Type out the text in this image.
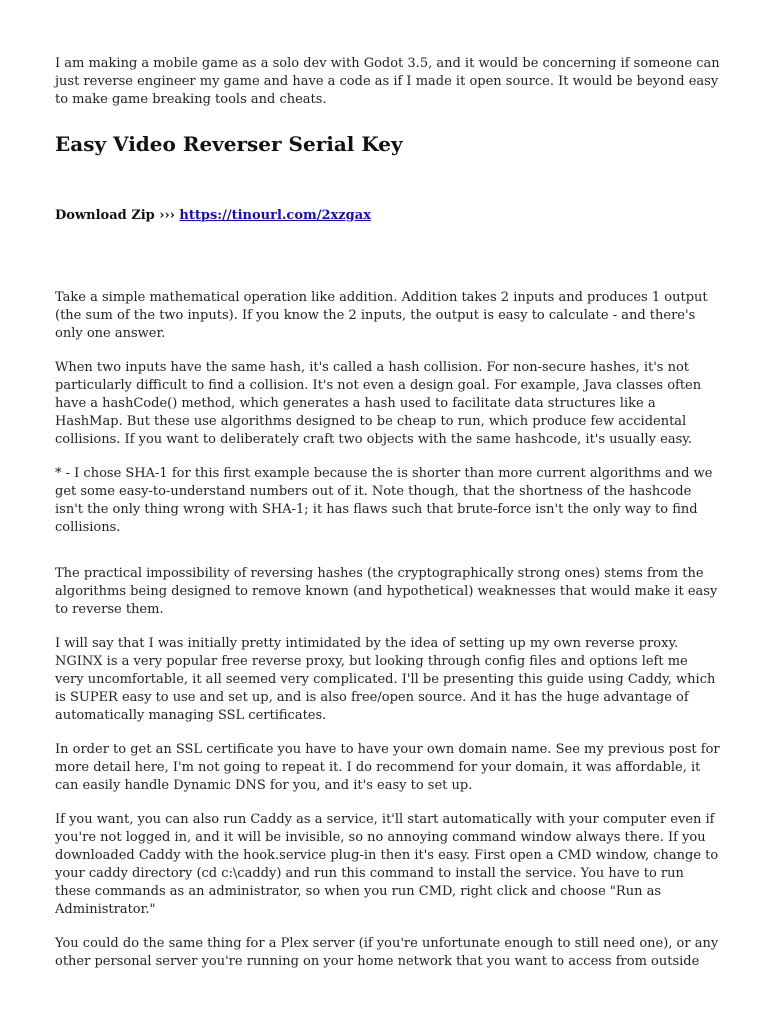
I am making a mobile game as a solo dev with Godot 3.5, and it would be concerning if someone can just reverse engineer my game and have a code as if I made it open source. It would be beyond easy to make game breaking tools and cheats.

Easy Video Reverser Serial Key
Download Zip ››› https://tinourl.com/2xzgax

Take a simple mathematical operation like addition. Addition takes 2 inputs and produces 1 output (the sum of the two inputs). If you know the 2 inputs, the output is easy to calculate - and there's only one answer.

When two inputs have the same hash, it's called a hash collision. For non-secure hashes, it's not particularly difficult to find a collision. It's not even a design goal. For example, Java classes often have a hashCode() method, which generates a hash used to facilitate data structures like a HashMap. But these use algorithms designed to be cheap to run, which produce few accidental collisions. If you want to deliberately craft two objects with the same hashcode, it's usually easy.

* - I chose SHA-1 for this first example because the is shorter than more current algorithms and we get some easy-to-understand numbers out of it. Note though, that the shortness of the hashcode isn't the only thing wrong with SHA-1; it has flaws such that brute-force isn't the only way to find collisions.

The practical impossibility of reversing hashes (the cryptographically strong ones) stems from the algorithms being designed to remove known (and hypothetical) weaknesses that would make it easy to reverse them.

I will say that I was initially pretty intimidated by the idea of setting up my own reverse proxy. NGINX is a very popular free reverse proxy, but looking through config files and options left me very uncomfortable, it all seemed very complicated. I'll be presenting this guide using Caddy, which is SUPER easy to use and set up, and is also free/open source. And it has the huge advantage of automatically managing SSL certificates.

In order to get an SSL certificate you have to have your own domain name. See my previous post for more detail here, I'm not going to repeat it. I do recommend for your domain, it was affordable, it can easily handle Dynamic DNS for you, and it's easy to set up.

If you want, you can also run Caddy as a service, it'll start automatically with your computer even if you're not logged in, and it will be invisible, so no annoying command window always there. If you downloaded Caddy with the hook.service plug-in then it's easy. First open a CMD window, change to your caddy directory (cd c:\caddy) and run this command to install the service. You have to run these commands as an administrator, so when you run CMD, right click and choose "Run as Administrator."

You could do the same thing for a Plex server (if you're unfortunate enough to still need one), or any other personal server you're running on your home network that you want to access from outside
